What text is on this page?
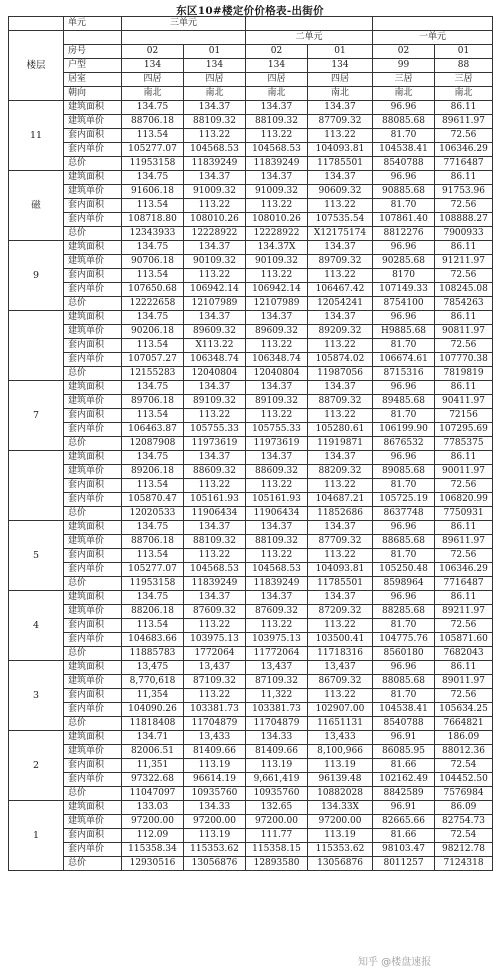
东区10#楼定价价格表-出街价
	单元	三单元					
楼层				二单元		一单元	
	房号	02	01	02	01	02	01
	户型	134	134	134	134	99	88
	居室	四居	四居	四居	四居	三居	三居
	朝向	南北	南北	南北	南北	南北	南北
11	建筑面积	134.75	134.37	134.37	134.37	96.96	86.11
	建筑单价	88706.18	88109.32	88109.32	87709.32	88085.68	89611.97
	套内面积	113.54	113.22	113.22	113.22	81.70	72.56
	套内单价	105277.07	104568.53	104568.53	104093.81	104538.41	106346.29
	总价	11953158	11839249	11839249	11785501	8540788	7716487
磁	建筑面积	134.75	134.37	134.37	134.37	96.96	86.11
	建筑单价	91606.18	91009.32	91009.32	90609.32	90885.68	91753.96
	套内面积	113.54	113.22	113.22	113.22	81.70	72.56
	套内单价	108718.80	108010.26	108010.26	107535.54	107861.40	108888.27
	总价	12343933	12228922	12228922	X12175174	8812276	7900933
9	建筑面积	134.75	134.37	134.37X	134.37	96.96	86.11
	建筑单价	90706.18	90109.32	90109.32	89709.32	90285.68	91211.97
	套内面积	113.54	113.22	113.22	113.22	8170	72.56
	套内单价	107650.68	106942.14	106942.14	106467.42	107149.33	108245.08
	总价	12222658	12107989	12107989	12054241	8754100	7854263
	建筑面积	134.75	134.37	134.37	134.37	96.96	86.11
	建筑单价	90206.18	89609.32	89609.32	89209.32	H9885.68	90811.97
	套内面积	113.54	X113.22	113.22	113.22	81.70	72.56
	套内单价	107057.27	106348.74	106348.74	105874.02	106674.61	107770.38
	总价	12155283	12040804	12040804	11987056	8715316	7819819
7	建筑面积	134.75	134.37	134.37	134.37	96.96	86.11
	建筑单价	89706.18	89109.32	89109.32	88709.32	89485.68	90411.97
	套内面积	113.54	113.22	113.22	113.22	81.70	72156
	套内单价	106463.87	105755.33	105755.33	105280.61	106199.90	107295.69
	总价	12087908	11973619	11973619	11919871	8676532	7785375
	建筑面积	134.75	134.37	134.37	134.37	96.96	86.11
	建筑单价	89206.18	88609.32	88609.32	88209.32	89085.68	90011.97
	套内面积	113.54	113.22	113.22	113.22	81.70	72.56
	套内单价	105870.47	105161.93	105161.93	104687.21	105725.19	106820.99
	总价	12020533	11906434	11906434	11852686	8637748	7750931
5	建筑面积	134.75	134.37	134.37	134.37	96.96	86.11
	建筑单价	88706.18	88109.32	88109.32	87709.32	88685.68	89611.97
	套内面积	113.54	113.22	113.22	113.22	81.70	72.56
	套内单价	105277.07	104568.53	104568.53	104093.81	105250.48	106346.29
	总价	11953158	11839249	11839249	11785501	8598964	7716487
4	建筑面积	134.75	134.37	134.37	134.37	96.96	86.11
	建筑单价	88206.18	87609.32	87609.32	87209.32	88285.68	89211.97
	套内面积	113.54	113.22	113.22	113.22	81.70	72.56
	套内单价	104683.66	103975.13	103975.13	103500.41	104775.76	105871.60
	总价	11885783	1772064	11772064	11718316	8560180	7682043
3	建筑面积	13,475	13,437	13,437	13,437	96.96	86.11
	建筑单价	8,770,618	87109.32	87109.32	86709.32	88085.68	89011.97
	套内面积	11,354	113.22	11,322	113.22	81.70	72.56
	套内单价	104090.26	103381.73	103381.73	102907.00	104538.41	105634.25
	总价	11818408	11704879	11704879	11651131	8540788	7664821
2	建筑面积	134.71	13,433	134.33	13,433	96.91	186.09
	建筑单价	82006.51	81409.66	81409.66	8,100,966	86085.95	88012.36
	套内面积	11,351	113.19	113.19	113.19	81.66	72.54
	套内单价	97322.68	96614.19	9,661,419	96139.48	102162.49	104452.50
	总价	11047097	10935760	10935760	10882028	8842589	7576984
1	建筑面积	133.03	134.33	132.65	134.33X	96.91	86.09
	建筑单价	97200.00	97200.00	97200.00	97200.00	82665.66	82754.73
	套内面积	112.09	113.19	111.77	113.19	81.66	72.54
	套内单价	115358.34	115353.62	115358.15	115353.62	98103.47	98212.78
	总价	12930516	13056876	12893580	13056876	8011257	7124318
知乎 @楼盘速报
